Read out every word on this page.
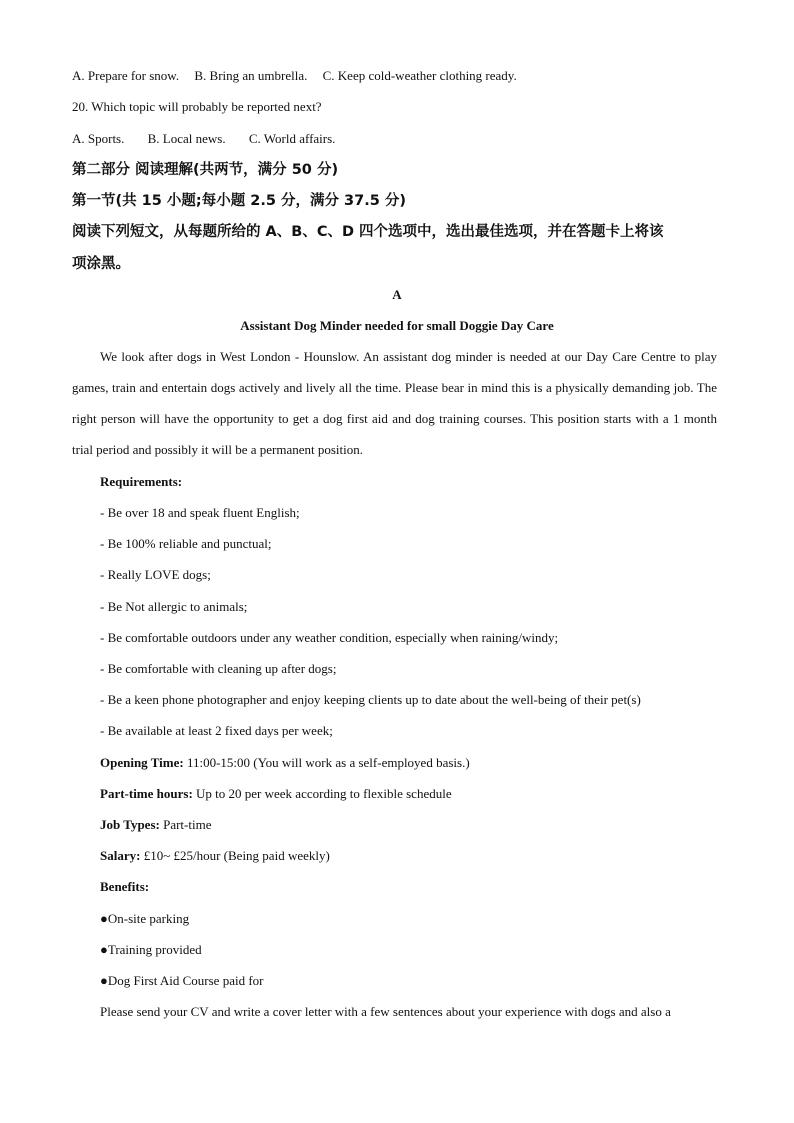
A. Prepare for snow. B. Bring an umbrella. C. Keep cold-weather clothing ready.
20. Which topic will probably be reported next?
A. Sports. B. Local news. C. World affairs.
第二部分 阅读理解(共两节，满分 50 分)
第一节(共 15 小题;每小题 2.5 分，满分 37.5 分)
阅读下列短文，从每题所给的 A、B、C、D 四个选项中，选出最佳选项，并在答题卡上将该
项涂黑。
A
Assistant Dog Minder needed for small Doggie Day Care
We look after dogs in West London - Hounslow. An assistant dog minder is needed at our Day Care Centre to play games, train and entertain dogs actively and lively all the time. Please bear in mind this is a physically demanding job. The right person will have the opportunity to get a dog first aid and dog training courses. This position starts with a 1 month trial period and possibly it will be a permanent position.
Requirements:
- Be over 18 and speak fluent English;
- Be 100% reliable and punctual;
- Really LOVE dogs;
- Be Not allergic to animals;
- Be comfortable outdoors under any weather condition, especially when raining/windy;
- Be comfortable with cleaning up after dogs;
- Be a keen phone photographer and enjoy keeping clients up to date about the well-being of their pet(s)
- Be available at least 2 fixed days per week;
Opening Time: 11:00-15:00 (You will work as a self-employed basis.)
Part-time hours: Up to 20 per week according to flexible schedule
Job Types: Part-time
Salary: £10~ £25/hour (Being paid weekly)
Benefits:
●On-site parking
●Training provided
●Dog First Aid Course paid for
Please send your CV and write a cover letter with a few sentences about your experience with dogs and also a
